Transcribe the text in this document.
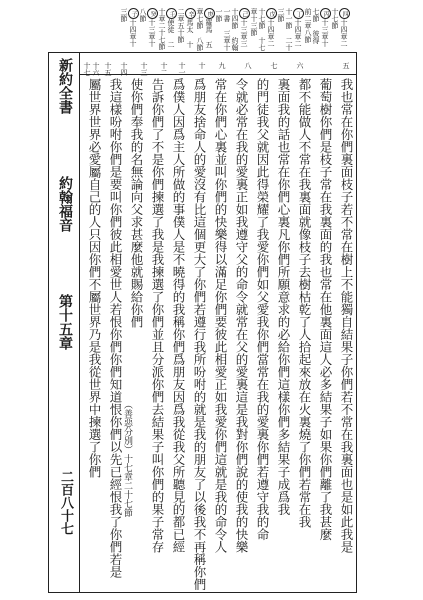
四十四章二十七節
丙十三章十七節 彼得 前二章八節
丁十四章二十一節 二十三節
戊十四章二十七節 十七章十三節
己十三章三十四節 約翰一書 三章十一節
庚羅馬 五章七節 八節
辛馬太 十二章五十節
壬使徒 二十章二十七節
癸十三章十八節
子十四章十三節
五
六
七
八
九
十
十一
十二
十三
十四
十五
十六
十七
新約全書  約翰福音  第十五章
二百八十七	我也常在你們裏面枝子若不常在樹上不能獨自結果子你們若不常在我裏面也是如此我是
葡萄樹你們是枝子常在我裏面的我也常在他裏面這人必多結果子如果你們離了我甚麼
都不能做人不常在我裏面就像枝子去樹枯乾了人拾起來放在火裏燒了你們若常在我
裏面我的話也常在你們心裏凡你們所願意求的必給你們這樣你們多結果子成爲我
的門徒我父就因此得榮耀了我愛你們如父愛我你們當常在我的愛裏你們若遵守我的命
令就必常在我的愛裏正如我遵守父的命令就常在父的愛裏這是我對你們說的使我的快樂
常在你們心裏並叫你們的快樂得以滿足你們要彼此相愛正如我愛你們這就是我的命令人
爲朋友捨命人的愛沒有比這個更大了你們若遵行我所吩咐的就是我的朋友了以後我不再稱你們
爲僕人因爲主人所做的事僕人是不曉得的我稱你們爲朋友因爲我從我父所聽見的都已經
告訴你們了不是你們揀選了我是我揀選了你們並且分派你們去結果子叫你們的果子常存
使你們奉我的名無論向父求甚麼他就賜給你們
（善惡分別）十七章二十七節
我這樣吩咐你們是要叫你們彼此相愛世人若恨你們你們知道恨你們以先已經恨我了你們若是
屬世界世界必愛屬自己的人只因你們不屬世界乃是我從世界中揀選了你們
